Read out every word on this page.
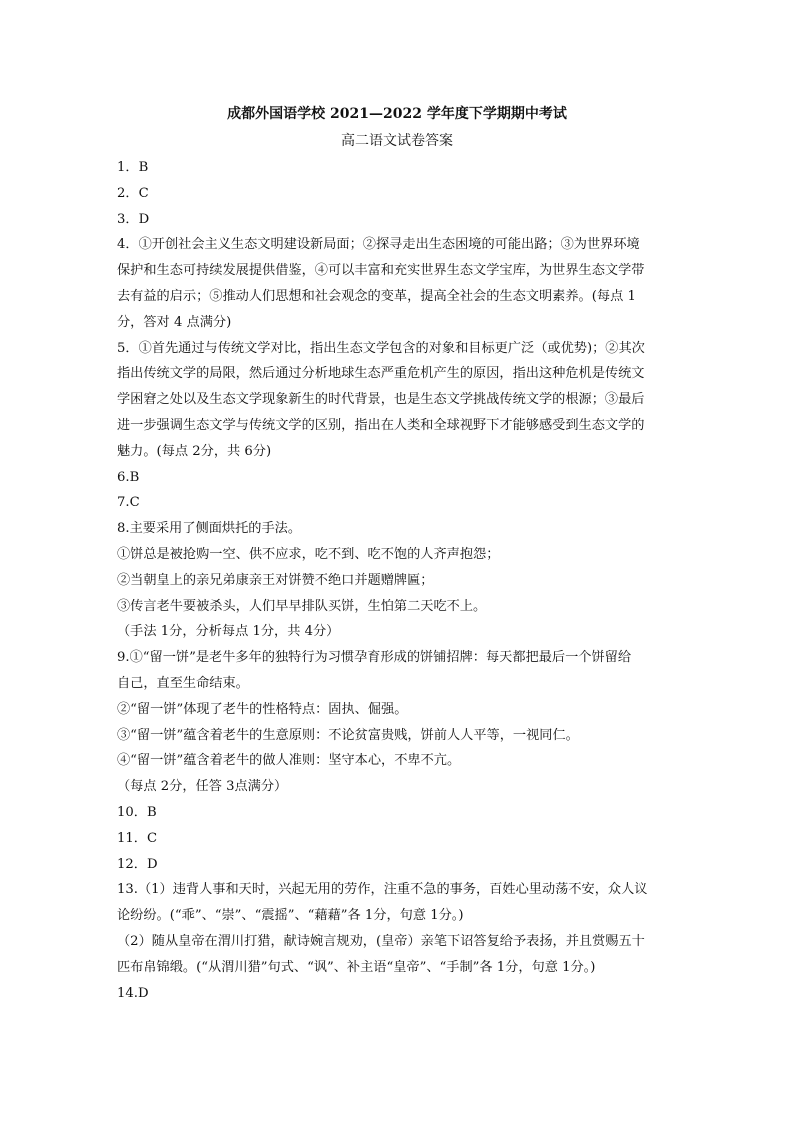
成都外国语学校 2021—2022 学年度下学期期中考试
高二语文试卷答案
1．B
2．C
3．D
4．①开创社会主义生态文明建设新局面；②探寻走出生态困境的可能出路；③为世界环境
保护和生态可持续发展提供借鉴，④可以丰富和充实世界生态文学宝库，为世界生态文学带
去有益的启示；⑤推动人们思想和社会观念的变革，提高全社会的生态文明素养。(每点 1
分，答对 4 点满分)
5．①首先通过与传统文学对比，指出生态文学包含的对象和目标更广泛（或优势)；②其次
指出传统文学的局限，然后通过分析地球生态严重危机产生的原因，指出这种危机是传统文
学困窘之处以及生态文学现象新生的时代背景，也是生态文学挑战传统文学的根源；③最后
进一步强调生态文学与传统文学的区别，指出在人类和全球视野下才能够感受到生态文学的
魅力。(每点 2分，共 6分)
6.B
7.C
8.主要采用了侧面烘托的手法。
①饼总是被抢购一空、供不应求，吃不到、吃不饱的人齐声抱怨；
②当朝皇上的亲兄弟康亲王对饼赞不绝口并题赠牌匾；
③传言老牛要被杀头，人们早早排队买饼，生怕第二天吃不上。
（手法 1分，分析每点 1分，共 4分）
9.①“留一饼”是老牛多年的独特行为习惯孕育形成的饼铺招牌：每天都把最后一个饼留给
自己，直至生命结束。
②“留一饼”体现了老牛的性格特点：固执、倔强。
③“留一饼”蕴含着老牛的生意原则：不论贫富贵贱，饼前人人平等，一视同仁。
④“留一饼”蕴含着老牛的做人准则：坚守本心，不卑不亢。
（每点 2分，任答 3点满分）
10．B
11．C
12．D
13.（1）违背人事和天时，兴起无用的劳作，注重不急的事务，百姓心里动荡不安，众人议
论纷纷。(“乖”、“崇”、“震摇”、“藉藉”各 1分，句意 1分。)
（2）随从皇帝在渭川打猎，献诗婉言规劝，(皇帝）亲笔下诏答复给予表扬，并且赏赐五十
匹布帛锦缎。(“从渭川猎”句式、“讽”、补主语“皇帝”、“手制”各 1分，句意 1分。)
14.D
